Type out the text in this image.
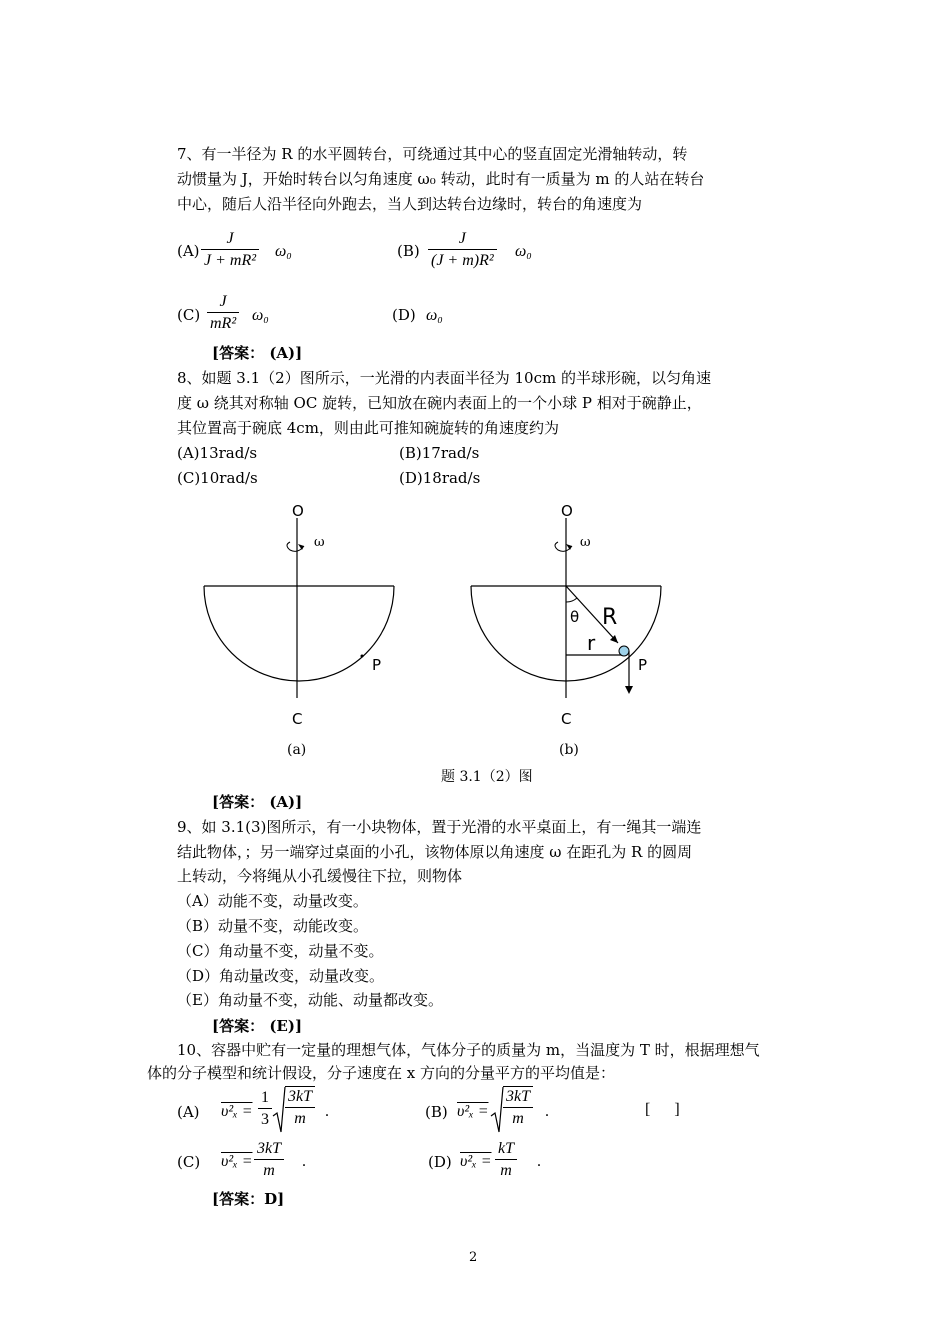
7、有一半径为 R 的水平圆转台，可绕通过其中心的竖直固定光滑轴转动，转
动惯量为 J，开始时转台以匀角速度 ω₀ 转动，此时有一质量为 m 的人站在转台
中心，随后人沿半径向外跑去，当人到达转台边缘时，转台的角速度为
$(A) \frac{J}{\text{J + mR²}} \omega_0$	$(B) \frac{J}{\text{(J + m)R²}} \omega_0$
$(C) \frac{J}{\text{mR²}} \omega_0$	(D) ω₀
[答案： (A)]
8、如题 3.1（2）图所示，一光滑的内表面半径为 10cm 的半球形碗，以匀角速
度 ω 绕其对称轴 OC 旋转，已知放在碗内表面上的一个小球 P 相对于碗静止，
其位置高于碗底 4cm，则由此可推知碗旋转的角速度约为
(A)13rad/s	(B)17rad/s
(C)10rad/s	(D)18rad/s
O
ω
P
C
(a)
O
ω
θ R
r
P
C
(b)
题 3.1（2）图
[答案： (A)]
9、如 3.1(3)图所示，有一小块物体，置于光滑的水平桌面上，有一绳其一端连
结此物体，；另一端穿过桌面的小孔，该物体原以角速度 ω 在距孔为 R 的圆周
上转动，今将绳从小孔缓慢往下拉，则物体
（A）动能不变，动量改变。
（B）动量不变，动能改变。
（C）角动量不变，动量不变。
（D）角动量改变，动量改变。
（E）角动量不变，动能、动量都改变。
[答案： (E)]
10、容器中贮有一定量的理想气体，气体分子的质量为 m，当温度为 T 时，根据理想气
体的分子模型和统计假设，分子速度在 x 方向的分量平方的平均值是：
(A) $\upsilon^2_x = \frac{1}{3} \frac{3kT}{m}$ .	(B) $\upsilon^2_x = \frac{3kT}{m}$ .	[      ]
(C) $\upsilon^2_x = \frac{3kT}{m}$ .	(D) $\upsilon^2_x = \frac{kT}{m}$ .
[答案：D]
2
